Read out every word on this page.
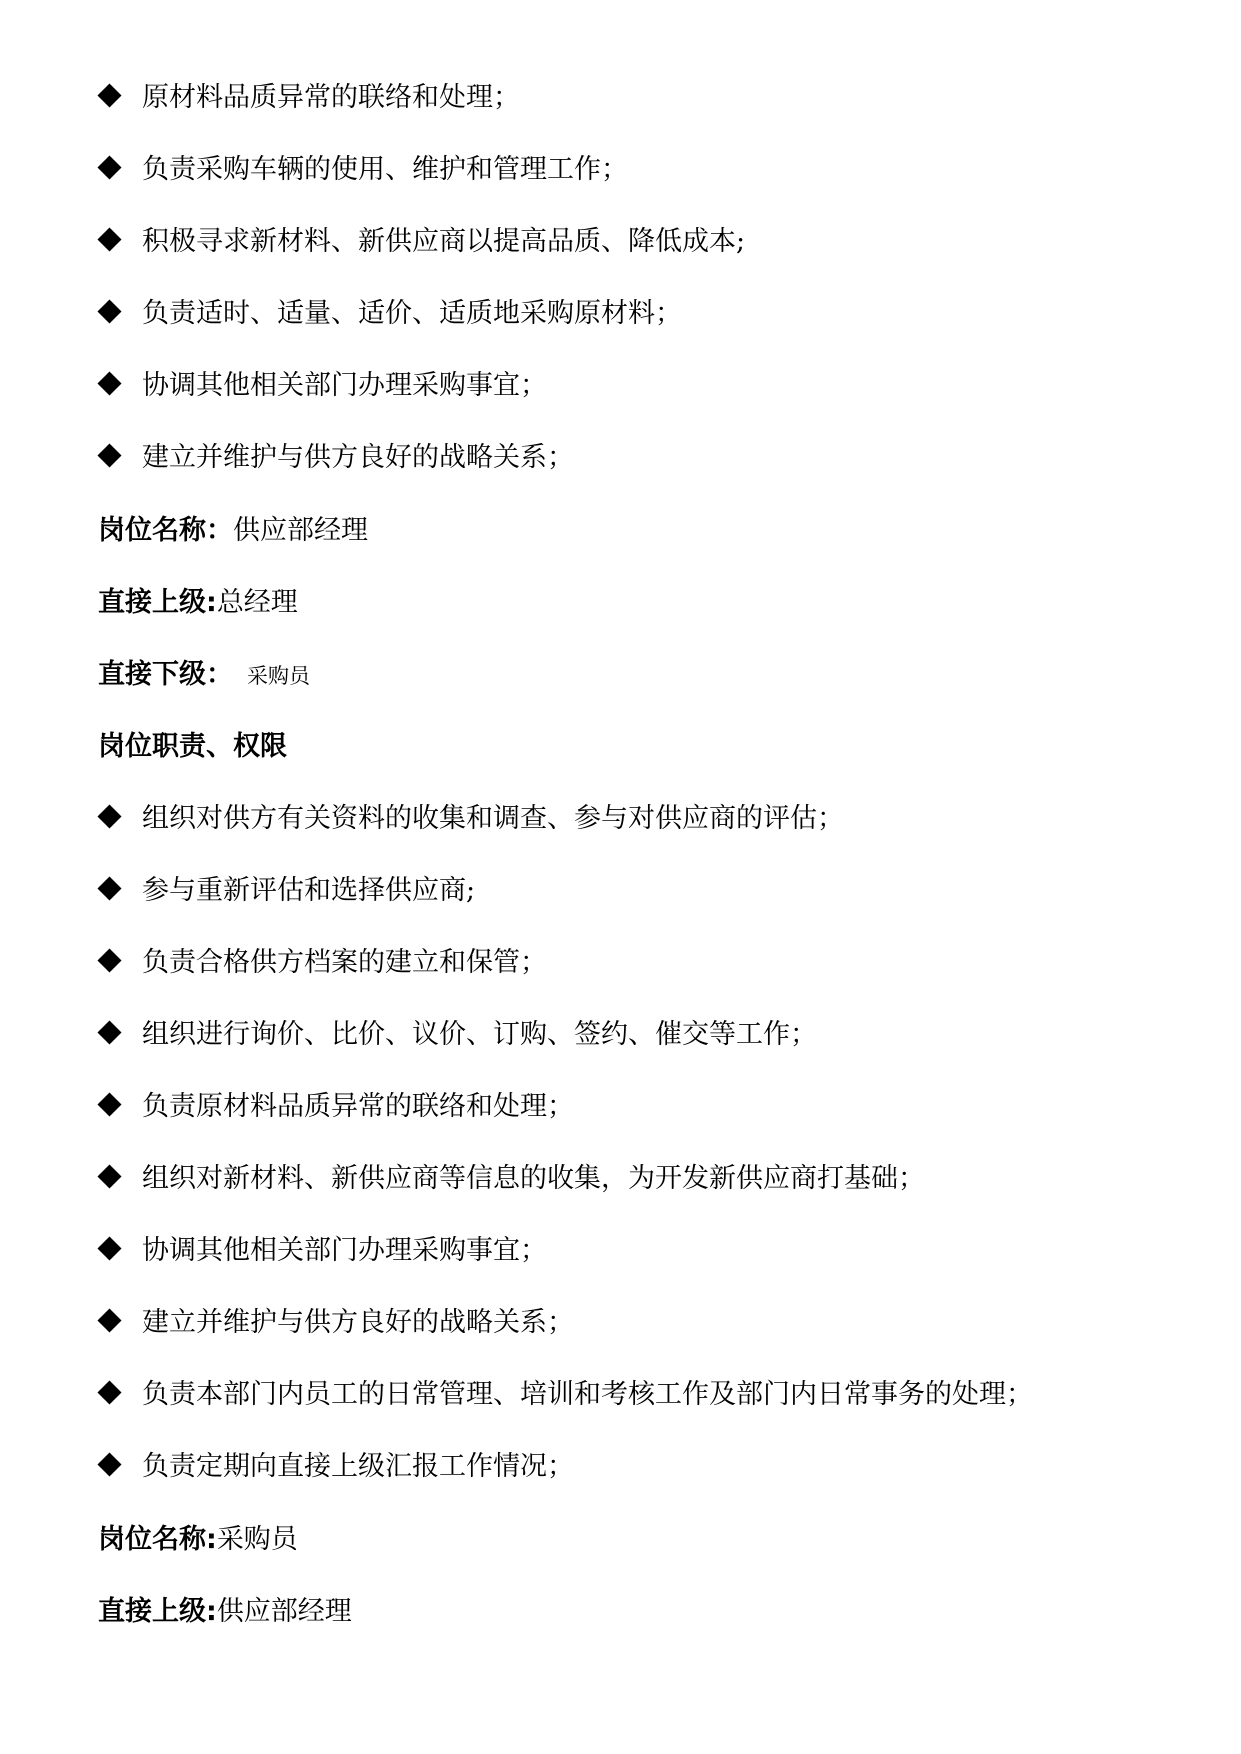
原材料品质异常的联络和处理；
负责采购车辆的使用、维护和管理工作；
积极寻求新材料、新供应商以提高品质、降低成本;
负责适时、适量、适价、适质地采购原材料；
协调其他相关部门办理采购事宜；
建立并维护与供方良好的战略关系；
岗位名称：供应部经理
直接上级:总经理
直接下级： 采购员
岗位职责、权限
组织对供方有关资料的收集和调查、参与对供应商的评估；
参与重新评估和选择供应商;
负责合格供方档案的建立和保管；
组织进行询价、比价、议价、订购、签约、催交等工作；
负责原材料品质异常的联络和处理；
组织对新材料、新供应商等信息的收集，为开发新供应商打基础；
协调其他相关部门办理采购事宜；
建立并维护与供方良好的战略关系；
负责本部门内员工的日常管理、培训和考核工作及部门内日常事务的处理；
负责定期向直接上级汇报工作情况；
岗位名称:采购员
直接上级:供应部经理
